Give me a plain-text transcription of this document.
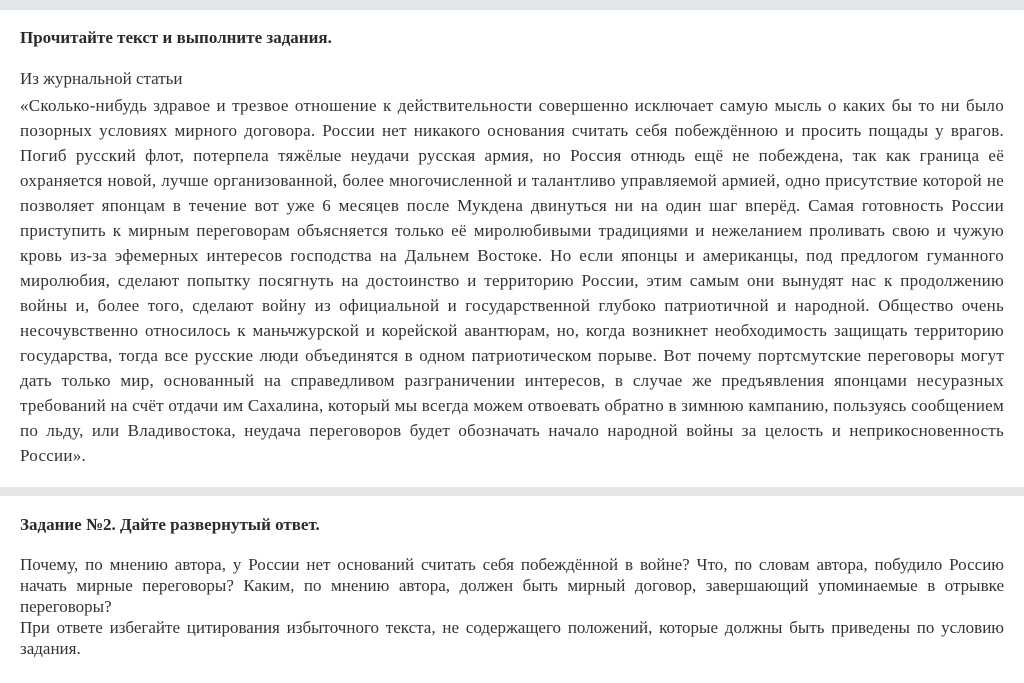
Прочитайте текст и выполните задания.

Из журнальной статьи

«Сколько-нибудь здравое и трезвое отношение к действительности совершенно исключает самую мысль о каких бы то ни было позорных условиях мирного договора. России нет никакого основания считать себя побеждённою и просить пощады у врагов. Погиб русский флот, потерпела тяжёлые неудачи русская армия, но Россия отнюдь ещё не побеждена, так как граница её охраняется новой, лучше организованной, более многочисленной и талантливо управляемой армией, одно присутствие которой не позволяет японцам в течение вот уже 6 месяцев после Мукдена двинуться ни на один шаг вперёд. Самая готовность России приступить к мирным переговорам объясняется только её миролюбивыми традициями и нежеланием проливать свою и чужую кровь из-за эфемерных интересов господства на Дальнем Востоке. Но если японцы и американцы, под предлогом гуманного миролюбия, сделают попытку посягнуть на достоинство и территорию России, этим самым они вынудят нас к продолжению войны и, более того, сделают войну из официальной и государственной глубоко патриотичной и народной. Общество очень несочувственно относилось к маньчжурской и корейской авантюрам, но, когда возникнет необходимость защищать территорию государства, тогда все русские люди объединятся в одном патриотическом порыве. Вот почему портсмутские переговоры могут дать только мир, основанный на справедливом разграничении интересов, в случае же предъявления японцами несуразных требований на счёт отдачи им Сахалина, который мы всегда можем отвоевать обратно в зимнюю кампанию, пользуясь сообщением по льду, или Владивостока, неудача переговоров будет обозначать начало народной войны за целость и неприкосновенность России».

Задание №2. Дайте развернутый ответ.

Почему, по мнению автора, у России нет оснований считать себя побеждённой в войне? Что, по словам автора, побудило Россию начать мирные переговоры? Каким, по мнению автора, должен быть мирный договор, завершающий упоминаемые в отрывке переговоры?

При ответе избегайте цитирования избыточного текста, не содержащего положений, которые должны быть приведены по условию задания.
